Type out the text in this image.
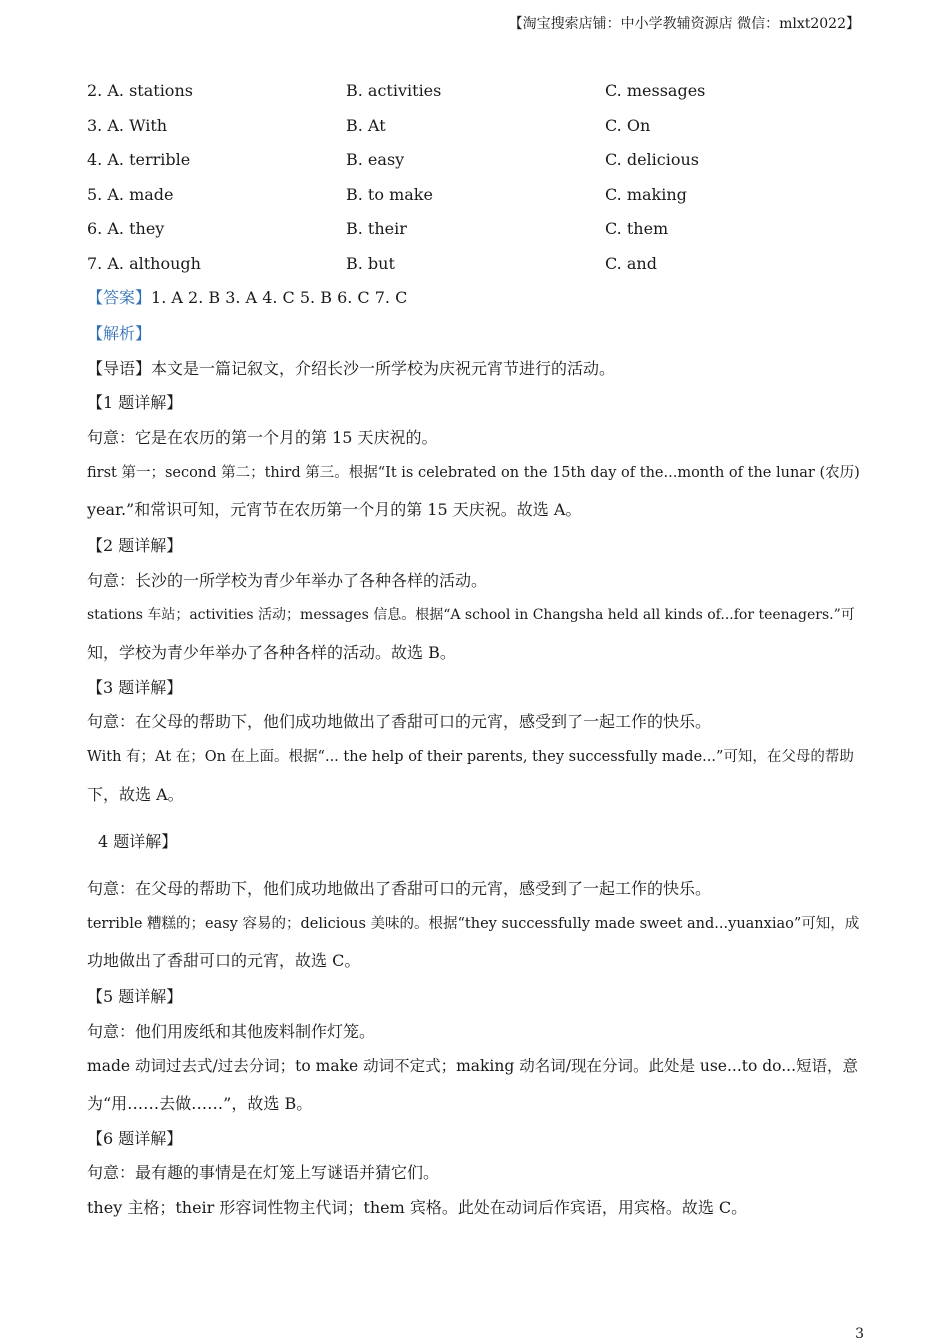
【淘宝搜索店铺：中小学教辅资源店 微信：mlxt2022】
2. A. stations	B. activities	C. messages
3. A. With	B. At	C. On
4. A. terrible	B. easy	C. delicious
5. A. made	B. to make	C. making
6. A. they	B. their	C. them
7. A. although	B. but	C. and
【答案】1. A 2. B 3. A 4. C 5. B 6. C 7. C
【解析】
【导语】本文是一篇记叙文，介绍长沙一所学校为庆祝元宵节进行的活动。
【1 题详解】
句意：它是在农历的第一个月的第 15 天庆祝的。
first 第一；second 第二；third 第三。根据“It is celebrated on the 15th day of the...month of the lunar (农历)
year.”和常识可知，元宵节在农历第一个月的第 15 天庆祝。故选 A。
【2 题详解】
句意：长沙的一所学校为青少年举办了各种各样的活动。
stations 车站；activities 活动；messages 信息。根据“A school in Changsha held all kinds of...for teenagers.”可
知，学校为青少年举办了各种各样的活动。故选 B。
【3 题详解】
句意：在父母的帮助下，他们成功地做出了香甜可口的元宵，感受到了一起工作的快乐。
With 有；At 在；On 在上面。根据“... the help of their parents, they successfully made...”可知，在父母的帮助
下，故选 A。
4 题详解】
句意：在父母的帮助下，他们成功地做出了香甜可口的元宵，感受到了一起工作的快乐。
terrible 糟糕的；easy 容易的；delicious 美味的。根据“they successfully made sweet and...yuanxiao”可知，成
功地做出了香甜可口的元宵，故选 C。
【5 题详解】
句意：他们用废纸和其他废料制作灯笼。
made 动词过去式/过去分词；to make 动词不定式；making 动名词/现在分词。此处是 use...to do...短语，意
为“用……去做……”，故选 B。
【6 题详解】
句意：最有趣的事情是在灯笼上写谜语并猜它们。
they 主格；their 形容词性物主代词；them 宾格。此处在动词后作宾语，用宾格。故选 C。
3
